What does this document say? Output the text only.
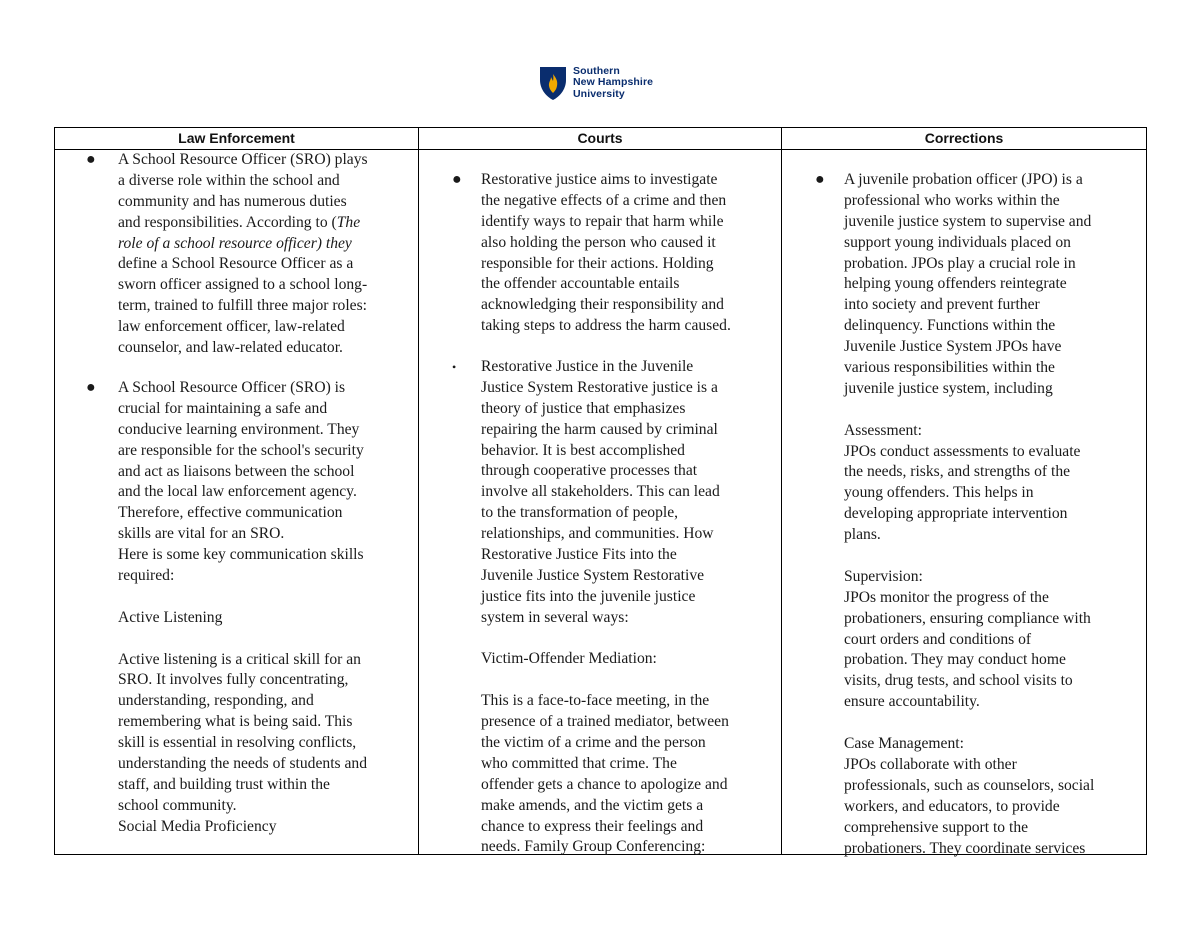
Southern
New Hampshire
University
Law Enforcement	Courts	Corrections
● A School Resource Officer (SRO) plays
a diverse role within the school and
community and has numerous duties
and responsibilities. According to (The
role of a school resource officer) they
define a School Resource Officer as a
sworn officer assigned to a school long-
term, trained to fulfill three major roles:
law enforcement officer, law-related
counselor, and law-related educator.
● A School Resource Officer (SRO) is
crucial for maintaining a safe and
conducive learning environment. They
are responsible for the school's security
and act as liaisons between the school
and the local law enforcement agency.
Therefore, effective communication
skills are vital for an SRO.
Here is some key communication skills
required:
Active Listening
Active listening is a critical skill for an
SRO. It involves fully concentrating,
understanding, responding, and
remembering what is being said. This
skill is essential in resolving conflicts,
understanding the needs of students and
staff, and building trust within the
school community.
Social Media Proficiency
● Restorative justice aims to investigate
the negative effects of a crime and then
identify ways to repair that harm while
also holding the person who caused it
responsible for their actions. Holding
the offender accountable entails
acknowledging their responsibility and
taking steps to address the harm caused.
• Restorative Justice in the Juvenile
Justice System Restorative justice is a
theory of justice that emphasizes
repairing the harm caused by criminal
behavior. It is best accomplished
through cooperative processes that
involve all stakeholders. This can lead
to the transformation of people,
relationships, and communities. How
Restorative Justice Fits into the
Juvenile Justice System Restorative
justice fits into the juvenile justice
system in several ways:
Victim-Offender Mediation:
This is a face-to-face meeting, in the
presence of a trained mediator, between
the victim of a crime and the person
who committed that crime. The
offender gets a chance to apologize and
make amends, and the victim gets a
chance to express their feelings and
needs. Family Group Conferencing:
● A juvenile probation officer (JPO) is a
professional who works within the
juvenile justice system to supervise and
support young individuals placed on
probation. JPOs play a crucial role in
helping young offenders reintegrate
into society and prevent further
delinquency. Functions within the
Juvenile Justice System JPOs have
various responsibilities within the
juvenile justice system, including
Assessment:
JPOs conduct assessments to evaluate
the needs, risks, and strengths of the
young offenders. This helps in
developing appropriate intervention
plans.
Supervision:
JPOs monitor the progress of the
probationers, ensuring compliance with
court orders and conditions of
probation. They may conduct home
visits, drug tests, and school visits to
ensure accountability.
Case Management:
JPOs collaborate with other
professionals, such as counselors, social
workers, and educators, to provide
comprehensive support to the
probationers. They coordinate services
